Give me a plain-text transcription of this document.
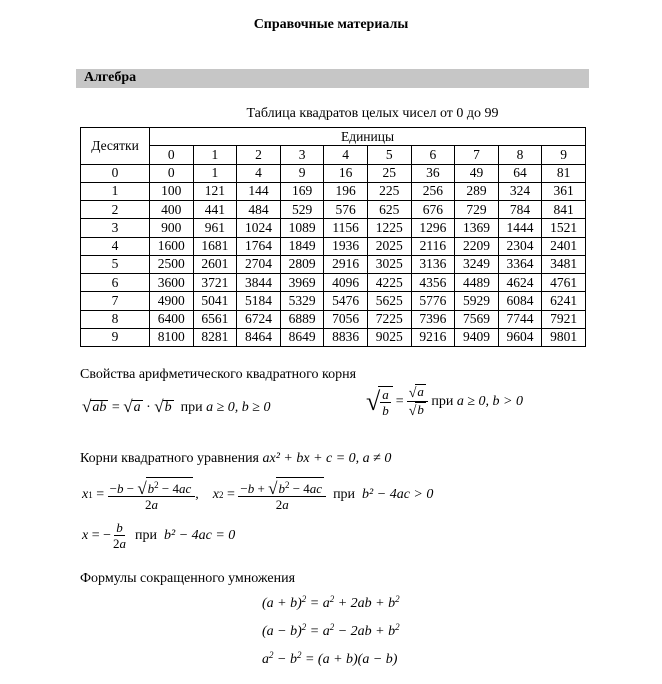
Справочные материалы
Алгебра
Таблица квадратов целых чисел от 0 до 99
Десятки	Единицы									
	0	1	2	3	4	5	6	7	8	9
0	0	1	4	9	16	25	36	49	64	81
1	100	121	144	169	196	225	256	289	324	361
2	400	441	484	529	576	625	676	729	784	841
3	900	961	1024	1089	1156	1225	1296	1369	1444	1521
4	1600	1681	1764	1849	1936	2025	2116	2209	2304	2401
5	2500	2601	2704	2809	2916	3025	3136	3249	3364	3481
6	3600	3721	3844	3969	4096	4225	4356	4489	4624	4761
7	4900	5041	5184	5329	5476	5625	5776	5929	6084	6241
8	6400	6561	6724	6889	7056	7225	7396	7569	7744	7921
9	8100	8281	8464	8649	8836	9025	9216	9409	9604	9801
Свойства арифметического квадратного корня
√ab = √a · √b при a ≥ 0, b ≥ 0	√ $\frac{a}{b} = \frac{√a}{√b}$
при
a ≥ 0, b > 0
Корни квадратного уравнения ax² + bx + c = 0, a ≠ 0
x $1 = \frac{-b - √b^2 - 4ac}{2a}$ , x $2 = \frac{-b + √b^2 - 4ac}{2a}$
при
b² − 4ac > 0
x = − $\frac{b}{2a}$
при
b² − 4ac = 0
Формулы сокращенного умножения
$(a + b)^2 = a^2 + 2ab + b^2$
$(a - b)^2 = a^2 - 2ab + b^2$
$a^2 - b^2 = (a + b)(a - b)$
